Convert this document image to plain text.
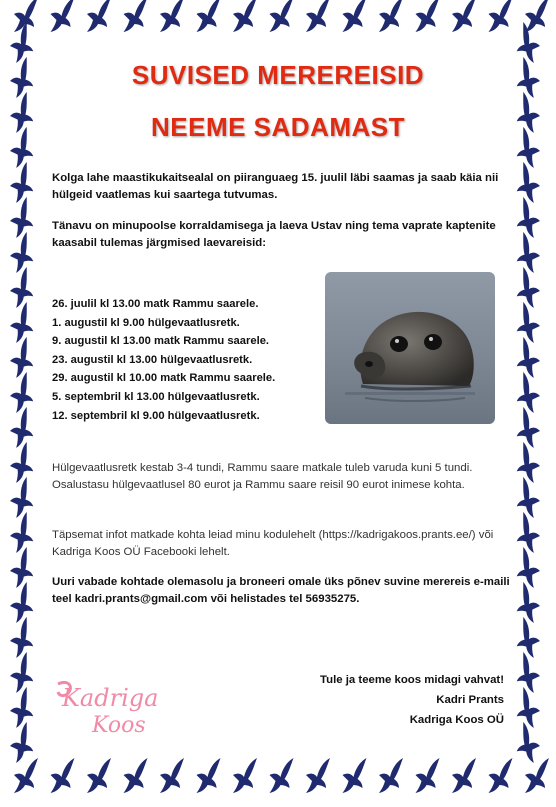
SUVISED MEREREISID
NEEME SADAMAST
Kolga lahe maastikukaitsealal on piiranguaeg 15. juulil läbi saamas ja saab käia nii hülgeid vaatlemas kui saartega tutvumas.
Tänavu on minupoolse korraldamisega ja laeva Ustav ning tema vaprate kaptenite kaasabil tulemas järgmised laevareisid:
26. juulil kl 13.00 matk Rammu saarele.
1. augustil kl 9.00 hülgevaatlusretk.
9. augustil kl 13.00 matk Rammu saarele.
23. augustil kl 13.00 hülgevaatlusretk.
29. augustil kl 10.00 matk Rammu saarele.
5. septembril kl 13.00 hülgevaatlusretk.
12. septembril kl 9.00 hülgevaatlusretk.
Hülgevaatlusretk kestab 3-4 tundi, Rammu saare matkale tuleb varuda kuni 5 tundi. Osalustasu hülgevaatlusel 80 eurot ja Rammu saare reisil 90 eurot inimese kohta.
Täpsemat infot matkade kohta leiad minu kodulehelt (https://kadrigakoos.prants.ee/) või Kadriga Koos OÜ Facebooki lehelt.
Uuri vabade kohtade olemasolu ja broneeri omale üks põnev suvine merereis e-maili teel kadri.prants@gmail.com või helistades tel 56935275.
Kadriga
Koos
Tule ja teeme koos midagi vahvat!
Kadri Prants
Kadriga Koos OÜ
